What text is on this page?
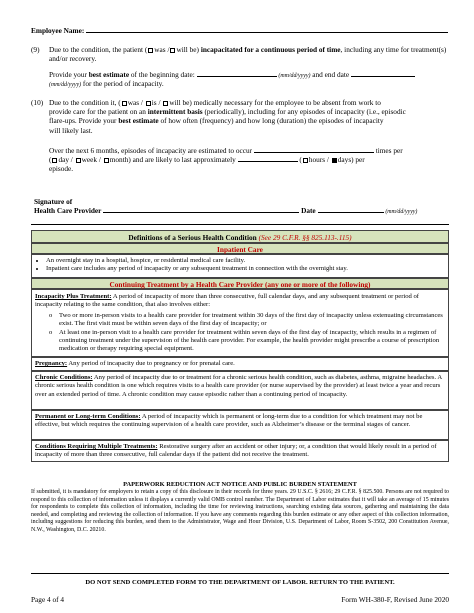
Employee Name:
(9) Due to the condition, the patient ( was / will be) incapacitated for a continuous period of time, including any time for treatment(s) and/or recovery.
Provide your best estimate of the beginning date:	(mm/dd/yyyy) and end date
(mm/dd/yyyy) for the period of incapacity.
(10) Due to the condition it, ( was / is / will be) medically necessary for the employee to be absent from work to
provide care for the patient on an intermittent basis (periodically), including for any episodes of incapacity (i.e., episodic
flare-ups. Provide your best estimate of how often (frequency) and how long (duration) the episodes of incapacity
will likely last.
Over the next 6 months, episodes of incapacity are estimated to occur	times per
( day / week / month) and are likely to last approximately	( hours / days) per
episode.
Signature of
Health Care Provider	Date	(mm/dd/yyyy)
Definitions of a Serious Health Condition (See 29 C.F.R. §§ 825.113-.115)
Inpatient Care
• An overnight stay in a hospital, hospice, or residential medical care facility.
• Inpatient care includes any period of incapacity or any subsequent treatment in connection with the overnight stay.
Continuing Treatment by a Health Care Provider (any one or more of the following)
Incapacity Plus Treatment: A period of incapacity of more than three consecutive, full calendar days, and any subsequent treatment or period of incapacity relating to the same condition, that also involves either:
o Two or more in-person visits to a health care provider for treatment within 30 days of the first day of incapacity unless extenuating circumstances exist. The first visit must be within seven days of the first day of incapacity; or
o At least one in-person visit to a health care provider for treatment within seven days of the first day of incapacity, which results in a regimen of continuing treatment under the supervision of the health care provider. For example, the health provider might prescribe a course of prescription medication or therapy requiring special equipment.
Pregnancy: Any period of incapacity due to pregnancy or for prenatal care.
Chronic Conditions: Any period of incapacity due to or treatment for a chronic serious health condition, such as diabetes, asthma, migraine headaches. A chronic serious health condition is one which requires visits to a health care provider (or nurse supervised by the provider) at least twice a year and recurs over an extended period of time. A chronic condition may cause episodic rather than a continuing period of incapacity.
Permanent or Long-term Conditions: A period of incapacity which is permanent or long-term due to a condition for which treatment may not be effective, but which requires the continuing supervision of a health care provider, such as Alzheimer’s disease or the terminal stages of cancer.
Conditions Requiring Multiple Treatments: Restorative surgery after an accident or other injury; or, a condition that would likely result in a period of incapacity of more than three consecutive, full calendar days if the patient did not receive the treatment.
PAPERWORK REDUCTION ACT NOTICE AND PUBLIC BURDEN STATEMENT
If submitted, it is mandatory for employers to retain a copy of this disclosure in their records for three years. 29 U.S.C. § 2616; 29 C.F.R. § 825.500. Persons are not required to respond to this collection of information unless it displays a currently valid OMB control number. The Department of Labor estimates that it will take an average of 15 minutes for respondents to complete this collection of information, including the time for reviewing instructions, searching existing data sources, gathering and maintaining the data needed, and completing and reviewing the collection of information. If you have any comments regarding this burden estimate or any other aspect of this collection information, including suggestions for reducing this burden, send them to the Administrator, Wage and Hour Division, U.S. Department of Labor, Room S-3502, 200 Constitution Avenue, N.W., Washington, D.C. 20210.
DO NOT SEND COMPLETED FORM TO THE DEPARTMENT OF LABOR. RETURN TO THE PATIENT.
Page 4 of 4	Form WH-380-F, Revised June 2020
